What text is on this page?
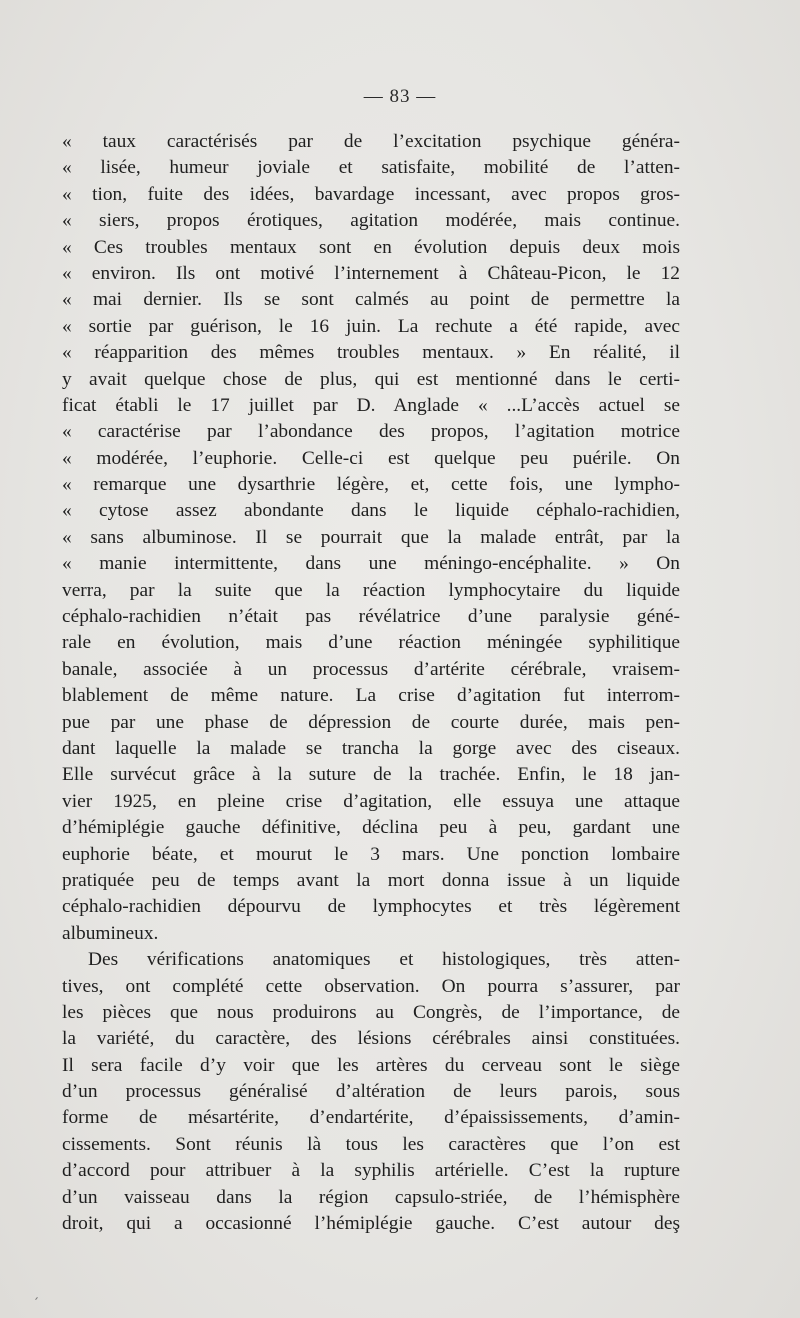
— 83 —
« taux caractérisés par de l’excitation psychique généra-
« lisée, humeur joviale et satisfaite, mobilité de l’atten-
« tion, fuite des idées, bavardage incessant, avec propos gros-
« siers, propos érotiques, agitation modérée, mais continue.
« Ces troubles mentaux sont en évolution depuis deux mois
« environ. Ils ont motivé l’internement à Château-Picon, le 12
« mai dernier. Ils se sont calmés au point de permettre la
« sortie par guérison, le 16 juin. La rechute a été rapide, avec
« réapparition des mêmes troubles mentaux. » En réalité, il
y avait quelque chose de plus, qui est mentionné dans le certi-
ficat établi le 17 juillet par D. Anglade « ...L’accès actuel se
« caractérise par l’abondance des propos, l’agitation motrice
« modérée, l’euphorie. Celle-ci est quelque peu puérile. On
« remarque une dysarthrie légère, et, cette fois, une lympho-
« cytose assez abondante dans le liquide céphalo-rachidien,
« sans albuminose. Il se pourrait que la malade entrât, par la
« manie intermittente, dans une méningo-encéphalite. » On
verra, par la suite que la réaction lymphocytaire du liquide
céphalo-rachidien n’était pas révélatrice d’une paralysie géné-
rale en évolution, mais d’une réaction méningée syphilitique
banale, associée à un processus d’artérite cérébrale, vraisem-
blablement de même nature. La crise d’agitation fut interrom-
pue par une phase de dépression de courte durée, mais pen-
dant laquelle la malade se trancha la gorge avec des ciseaux.
Elle survécut grâce à la suture de la trachée. Enfin, le 18 jan-
vier 1925, en pleine crise d’agitation, elle essuya une attaque
d’hémiplégie gauche définitive, déclina peu à peu, gardant une
euphorie béate, et mourut le 3 mars. Une ponction lombaire
pratiquée peu de temps avant la mort donna issue à un liquide
céphalo-rachidien dépourvu de lymphocytes et très légèrement
albumineux.
Des vérifications anatomiques et histologiques, très atten-
tives, ont complété cette observation. On pourra s’assurer, par
les pièces que nous produirons au Congrès, de l’importance, de
la variété, du caractère, des lésions cérébrales ainsi constituées.
Il sera facile d’y voir que les artères du cerveau sont le siège
d’un processus généralisé d’altération de leurs parois, sous
forme de mésartérite, d’endartérite, d’épaississements, d’amin-
cissements. Sont réunis là tous les caractères que l’on est
d’accord pour attribuer à la syphilis artérielle. C’est la rupture
d’un vaisseau dans la région capsulo-striée, de l’hémisphère
droit, qui a occasionné l’hémiplégie gauche. C’est autour deş
